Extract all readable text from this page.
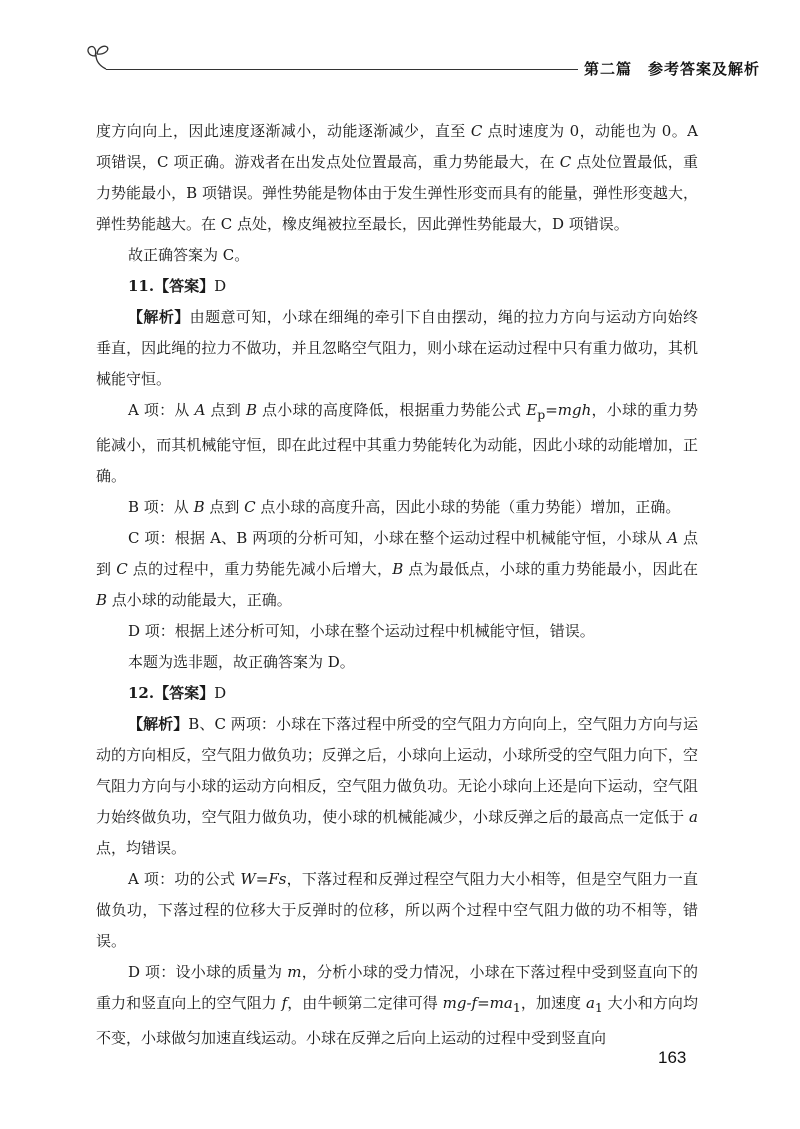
第二篇　参考答案及解析

度方向向上，因此速度逐渐减小，动能逐渐减少，直至 C 点时速度为 0，动能也为 0。A 项错误，C 项正确。游戏者在出发点处位置最高，重力势能最大，在 C 点处位置最低，重力势能最小，B 项错误。弹性势能是物体由于发生弹性形变而具有的能量，弹性形变越大，弹性势能越大。在 C 点处，橡皮绳被拉至最长，因此弹性势能最大，D 项错误。

故正确答案为 C。

11.【答案】D

【解析】由题意可知，小球在细绳的牵引下自由摆动，绳的拉力方向与运动方向始终垂直，因此绳的拉力不做功，并且忽略空气阻力，则小球在运动过程中只有重力做功，其机械能守恒。

A 项：从 A 点到 B 点小球的高度降低，根据重力势能公式 $E_p=mgh$，小球的重力势能减小，而其机械能守恒，即在此过程中其重力势能转化为动能，因此小球的动能增加，正确。

B 项：从 B 点到 C 点小球的高度升高，因此小球的势能（重力势能）增加，正确。

C 项：根据 A、B 两项的分析可知，小球在整个运动过程中机械能守恒，小球从 A 点到 C 点的过程中，重力势能先减小后增大，B 点为最低点，小球的重力势能最小，因此在 B 点小球的动能最大，正确。

D 项：根据上述分析可知，小球在整个运动过程中机械能守恒，错误。

本题为选非题，故正确答案为 D。

12.【答案】D

【解析】B、C 两项：小球在下落过程中所受的空气阻力方向向上，空气阻力方向与运动的方向相反，空气阻力做负功；反弹之后，小球向上运动，小球所受的空气阻力向下，空气阻力方向与小球的运动方向相反，空气阻力做负功。无论小球向上还是向下运动，空气阻力始终做负功，空气阻力做负功，使小球的机械能减少，小球反弹之后的最高点一定低于 a 点，均错误。

A 项：功的公式 W=Fs，下落过程和反弹过程空气阻力大小相等，但是空气阻力一直做负功，下落过程的位移大于反弹时的位移，所以两个过程中空气阻力做的功不相等，错误。

D 项：设小球的质量为 m，分析小球的受力情况，小球在下落过程中受到竖直向下的重力和竖直向上的空气阻力 f，由牛顿第二定律可得 $mg-f=ma_1$，加速度 $a_1$ 大小和方向均不变，小球做匀加速直线运动。小球在反弹之后向上运动的过程中受到竖直向

163
